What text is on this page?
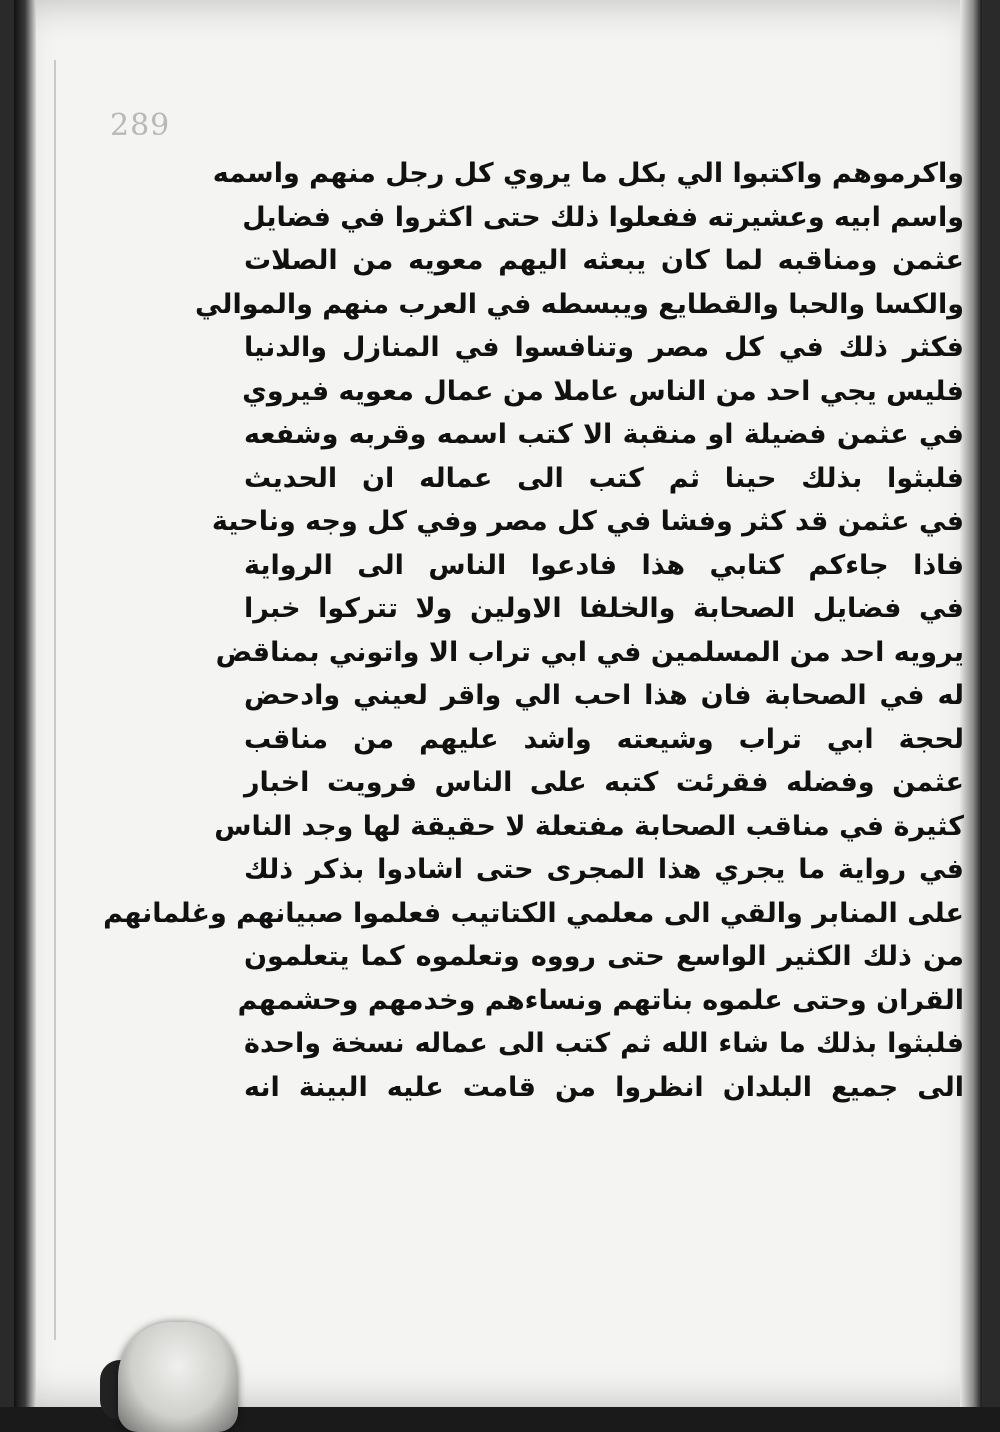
289
واكرموهم واكتبوا الي بكل ما يروي كل رجل منهم واسمه
واسم ابيه وعشيرته ففعلوا ذلك حتى اكثروا في فضايل
عثمن ومناقبه لما كان يبعثه اليهم معويه من الصلات
والكسا والحبا والقطايع ويبسطه في العرب منهم والموالي
فكثر ذلك في كل مصر وتنافسوا في المنازل والدنيا
فليس يجي احد من الناس عاملا من عمال معويه فيروي
في عثمن فضيلة او منقبة الا كتب اسمه وقربه وشفعه
فلبثوا بذلك حينا ثم كتب الى عماله ان الحديث
في عثمن قد كثر وفشا في كل مصر وفي كل وجه وناحية
فاذا جاءكم كتابي هذا فادعوا الناس الى الرواية
في فضايل الصحابة والخلفا الاولين ولا تتركوا خبرا
يرويه احد من المسلمين في ابي تراب الا واتوني بمناقض
له في الصحابة فان هذا احب الي واقر لعيني وادحض
لحجة ابي تراب وشيعته واشد عليهم من مناقب
عثمن وفضله فقرئت كتبه على الناس فرويت اخبار
كثيرة في مناقب الصحابة مفتعلة لا حقيقة لها وجد الناس
في رواية ما يجري هذا المجرى حتى اشادوا بذكر ذلك
على المنابر والقي الى معلمي الكتاتيب فعلموا صبيانهم وغلمانهم
من ذلك الكثير الواسع حتى رووه وتعلموه كما يتعلمون
القران وحتى علموه بناتهم ونساءهم وخدمهم وحشمهم
فلبثوا بذلك ما شاء الله ثم كتب الى عماله نسخة واحدة
الى جميع البلدان انظروا من قامت عليه البينة انه
